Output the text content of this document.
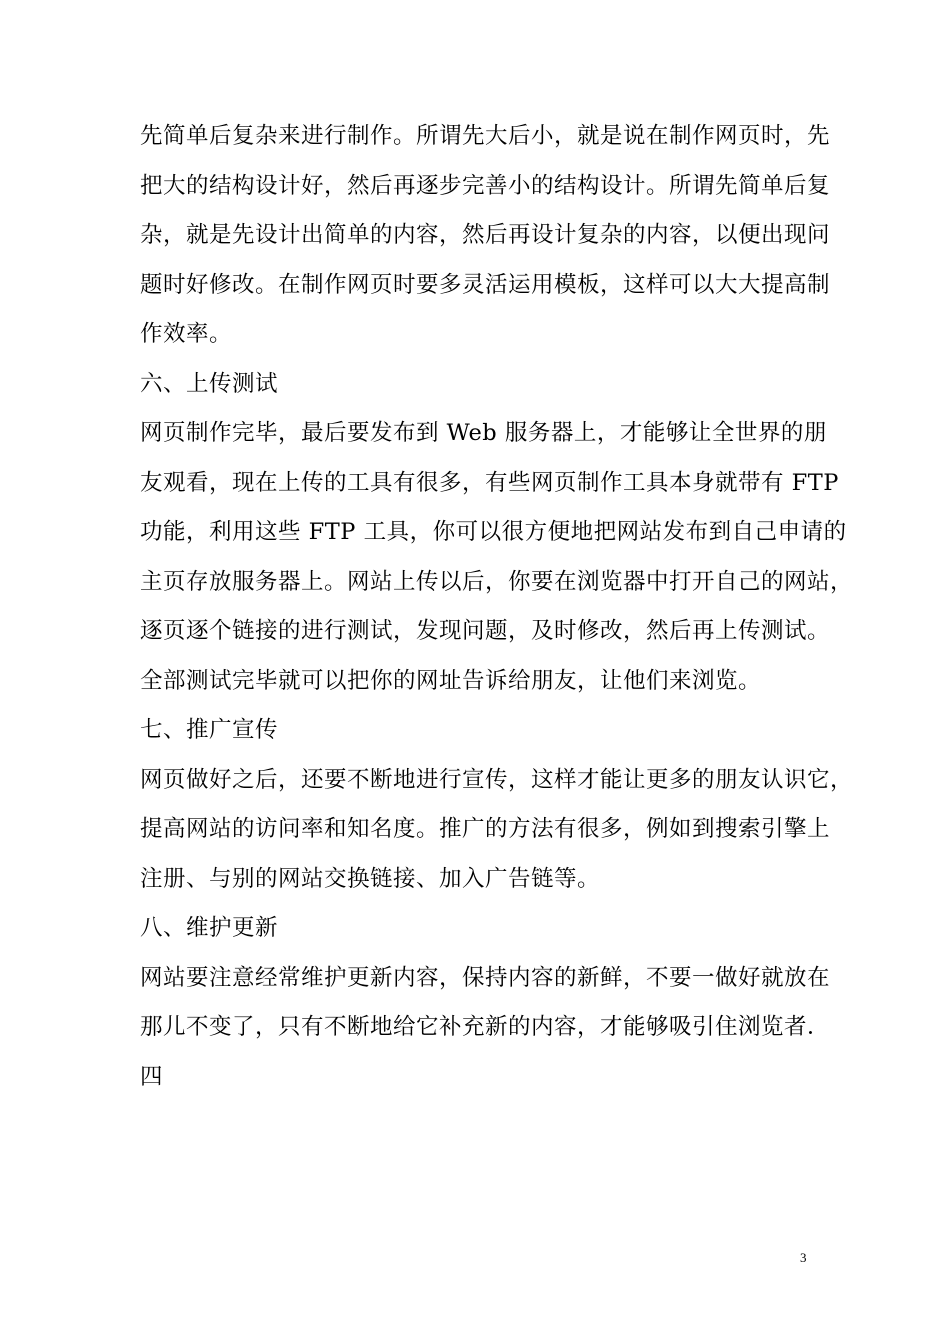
先简单后复杂来进行制作。所谓先大后小，就是说在制作网页时，先
把大的结构设计好，然后再逐步完善小的结构设计。所谓先简单后复
杂，就是先设计出简单的内容，然后再设计复杂的内容，以便出现问
题时好修改。在制作网页时要多灵活运用模板，这样可以大大提高制
作效率。
六、上传测试
网页制作完毕，最后要发布到 Web 服务器上，才能够让全世界的朋
友观看，现在上传的工具有很多，有些网页制作工具本身就带有 FTP
功能，利用这些 FTP 工具，你可以很方便地把网站发布到自己申请的
主页存放服务器上。网站上传以后，你要在浏览器中打开自己的网站，
逐页逐个链接的进行测试，发现问题，及时修改，然后再上传测试。
全部测试完毕就可以把你的网址告诉给朋友，让他们来浏览。
七、推广宣传
网页做好之后，还要不断地进行宣传，这样才能让更多的朋友认识它，
提高网站的访问率和知名度。推广的方法有很多，例如到搜索引擎上
注册、与别的网站交换链接、加入广告链等。
八、维护更新
网站要注意经常维护更新内容，保持内容的新鲜，不要一做好就放在
那儿不变了，只有不断地给它补充新的内容，才能够吸引住浏览者．
四
3
